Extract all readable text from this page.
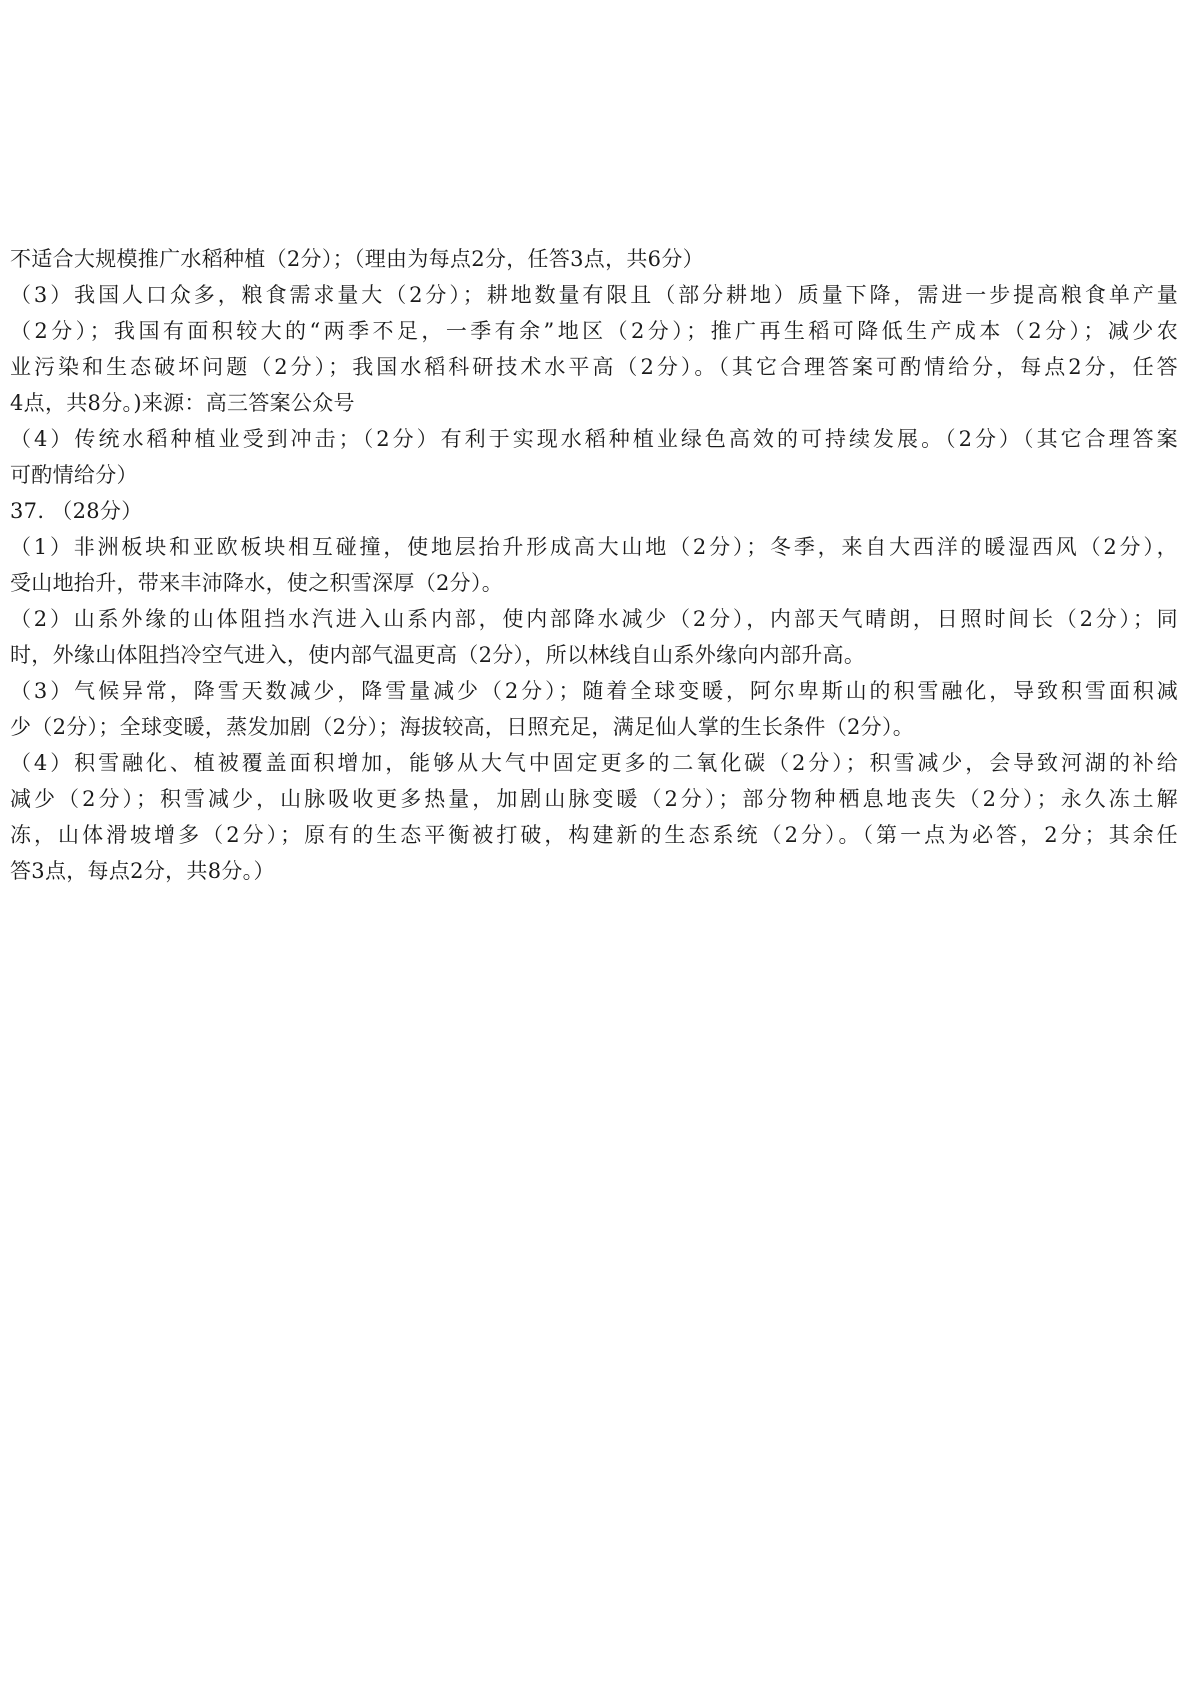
不适合大规模推广水稻种植（2分）；（理由为每点2分，任答3点，共6分）
（3）我国人口众多，粮食需求量大（2分）；耕地数量有限且（部分耕地）质量下降，需进一步提高粮食单产量
（2分）；我国有面积较大的“两季不足，一季有余”地区（2分）；推广再生稻可降低生产成本（2分）；减少农
业污染和生态破坏问题（2分）；我国水稻科研技术水平高（2分）。（其它合理答案可酌情给分，每点2分，任答
4点，共8分。)来源：高三答案公众号
（4）传统水稻种植业受到冲击；（2分）有利于实现水稻种植业绿色高效的可持续发展。（2分）（其它合理答案
可酌情给分）
37. （28分）
（1）非洲板块和亚欧板块相互碰撞，使地层抬升形成高大山地（2分）；冬季，来自大西洋的暖湿西风（2分），
受山地抬升，带来丰沛降水，使之积雪深厚（2分）。
（2）山系外缘的山体阻挡水汽进入山系内部，使内部降水减少（2分），内部天气晴朗，日照时间长（2分）；同
时，外缘山体阻挡冷空气进入，使内部气温更高（2分），所以林线自山系外缘向内部升高。
（3）气候异常，降雪天数减少，降雪量减少（2分）；随着全球变暖，阿尔卑斯山的积雪融化，导致积雪面积减
少（2分）；全球变暖，蒸发加剧（2分）；海拔较高，日照充足，满足仙人掌的生长条件（2分）。
（4）积雪融化、植被覆盖面积增加，能够从大气中固定更多的二氧化碳（2分）；积雪减少，会导致河湖的补给
减少（2分）；积雪减少，山脉吸收更多热量，加剧山脉变暖（2分）；部分物种栖息地丧失（2分）；永久冻土解
冻，山体滑坡增多（2分）；原有的生态平衡被打破，构建新的生态系统（2分）。（第一点为必答，2分；其余任
答3点，每点2分，共8分。）
